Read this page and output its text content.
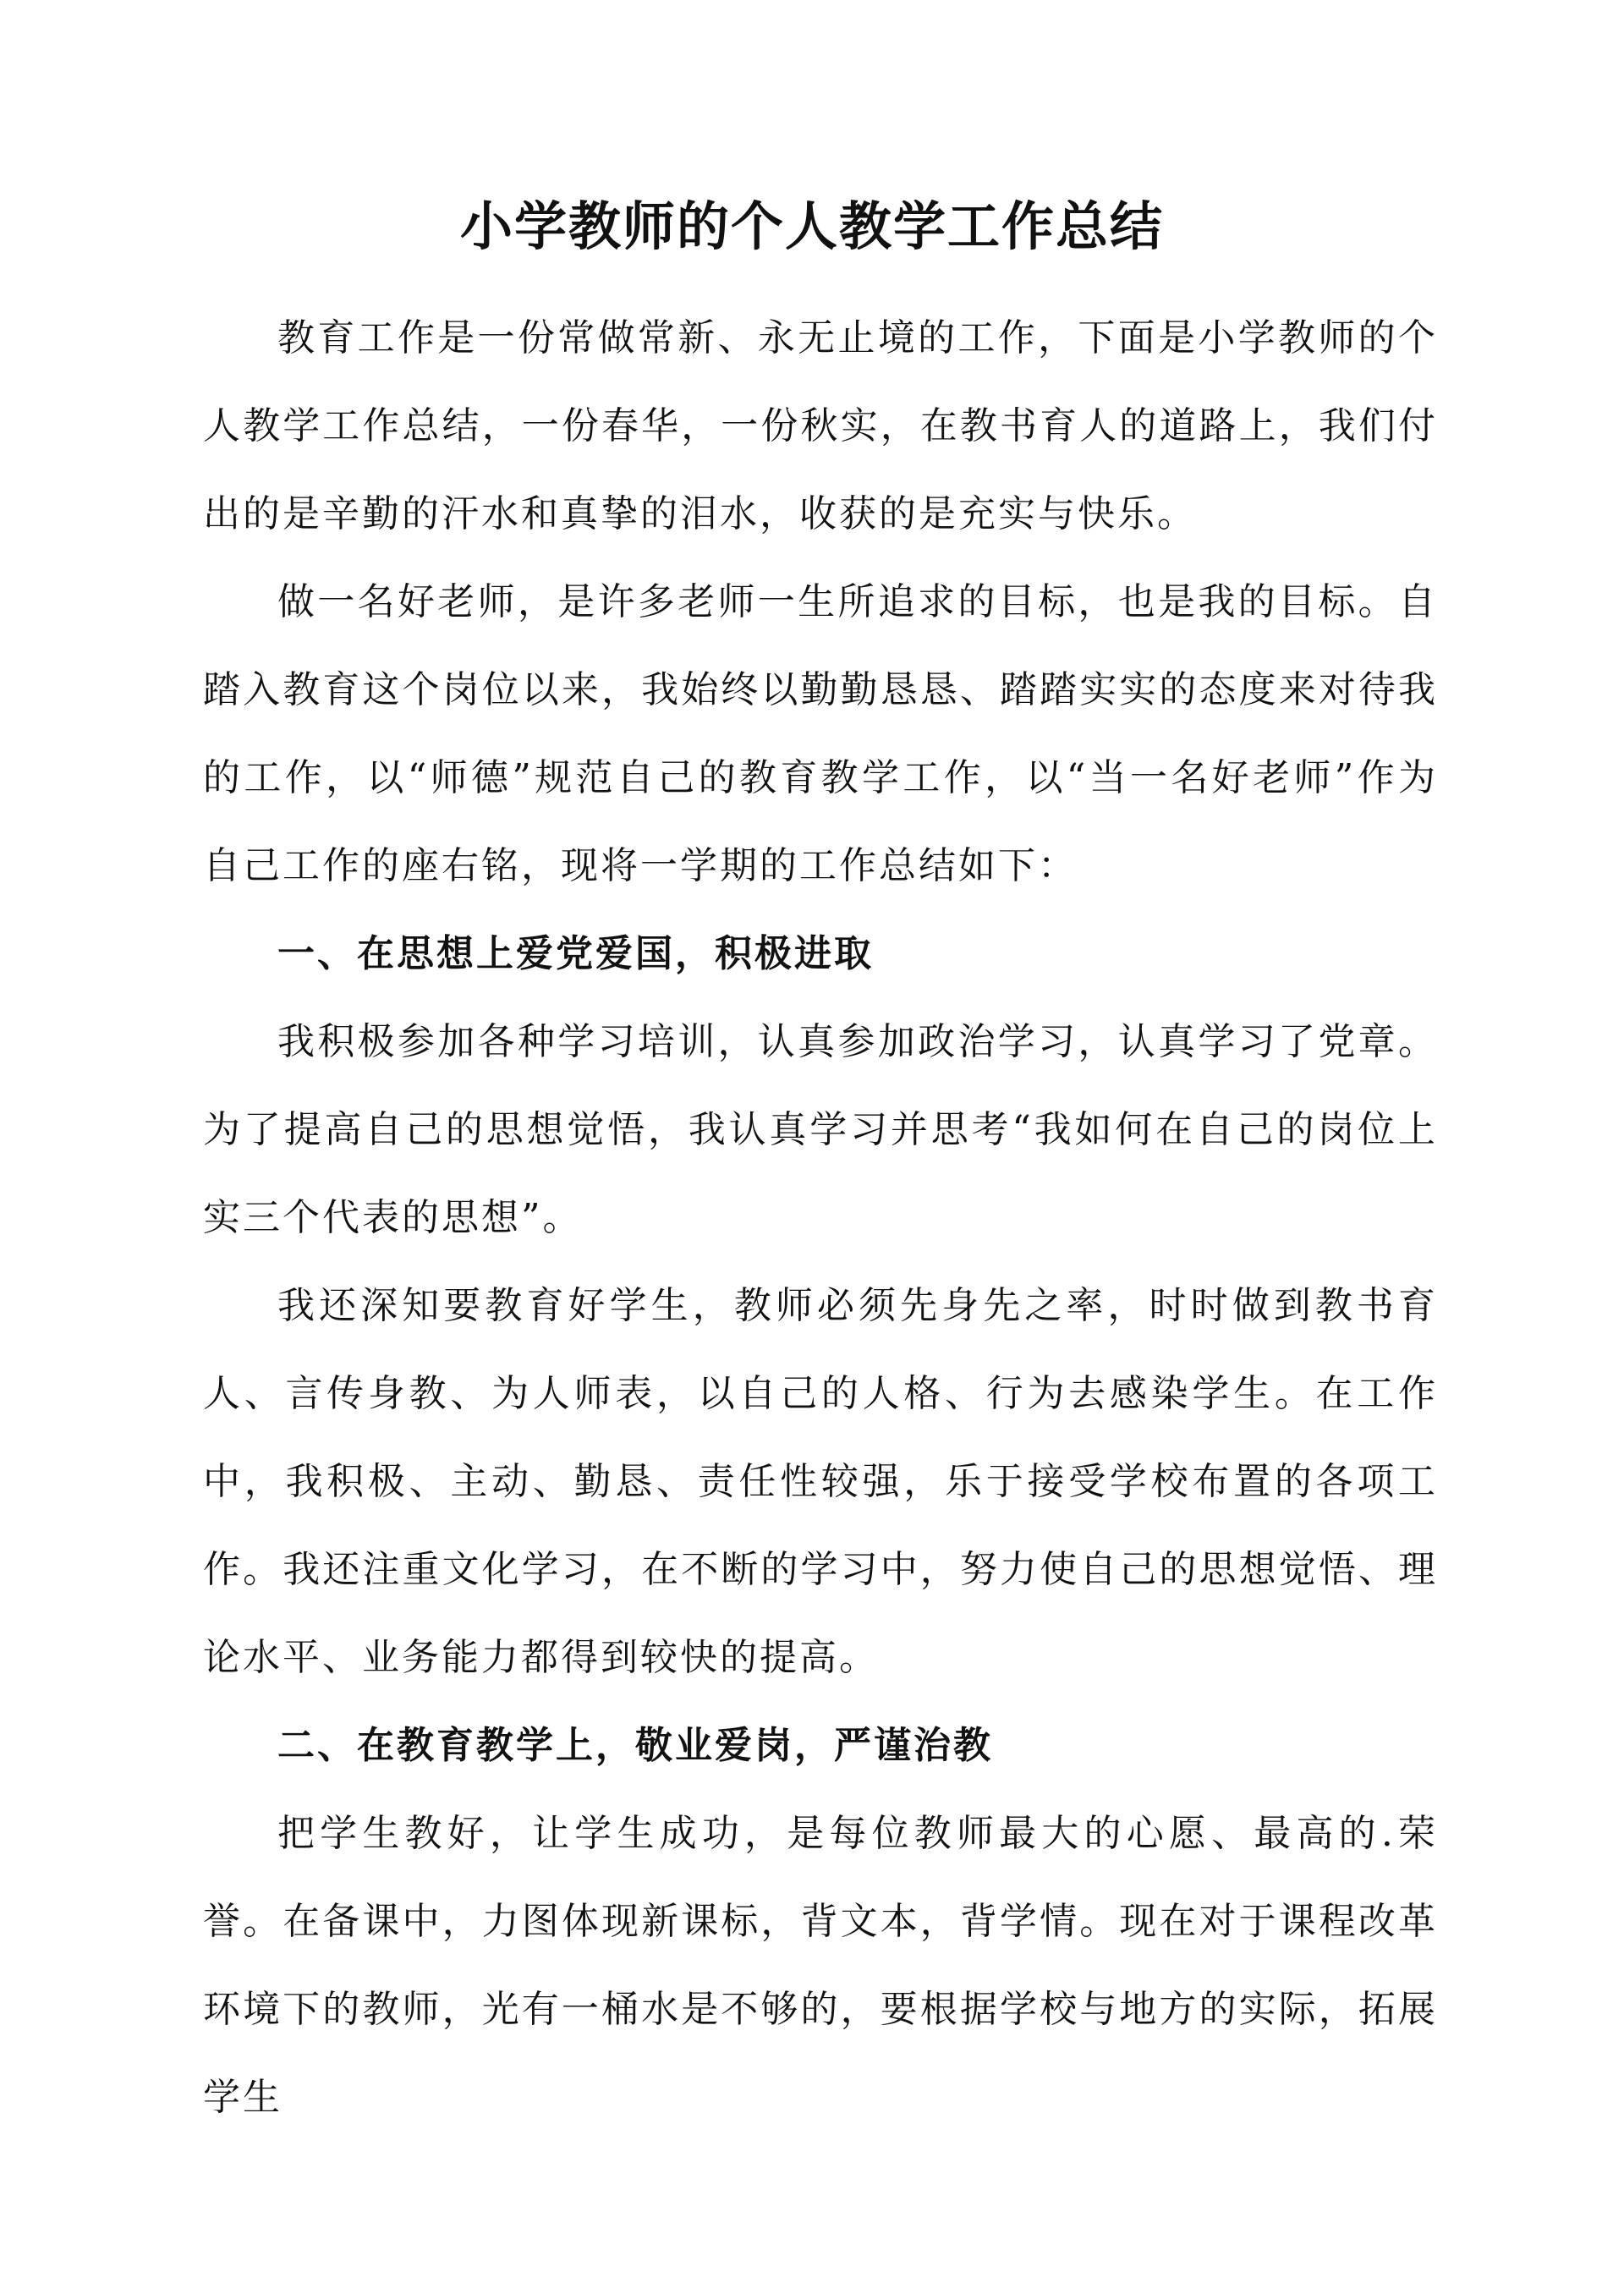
小学教师的个人教学工作总结

教育工作是一份常做常新、永无止境的工作，下面是小学教师的个人教学工作总结，一份春华，一份秋实，在教书育人的道路上，我们付出的是辛勤的汗水和真挚的泪水，收获的是充实与快乐。

做一名好老师，是许多老师一生所追求的目标，也是我的目标。自踏入教育这个岗位以来，我始终以勤勤恳恳、踏踏实实的态度来对待我的工作，以“师德”规范自己的教育教学工作，以“当一名好老师”作为自己工作的座右铭，现将一学期的工作总结如下：

一、在思想上爱党爱国，积极进取

我积极参加各种学习培训，认真参加政治学习，认真学习了党章。为了提高自己的思想觉悟，我认真学习并思考“我如何在自己的岗位上实三个代表的思想”。

我还深知要教育好学生，教师必须先身先之率，时时做到教书育人、言传身教、为人师表，以自己的人格、行为去感染学生。在工作中，我积极、主动、勤恳、责任性较强，乐于接受学校布置的各项工作。我还注重文化学习，在不断的学习中，努力使自己的思想觉悟、理论水平、业务能力都得到较快的提高。

二、在教育教学上，敬业爱岗，严谨治教

把学生教好，让学生成功，是每位教师最大的心愿、最高的.荣誉。在备课中，力图体现新课标，背文本，背学情。现在对于课程改革环境下的教师，光有一桶水是不够的，要根据学校与地方的实际，拓展学生
